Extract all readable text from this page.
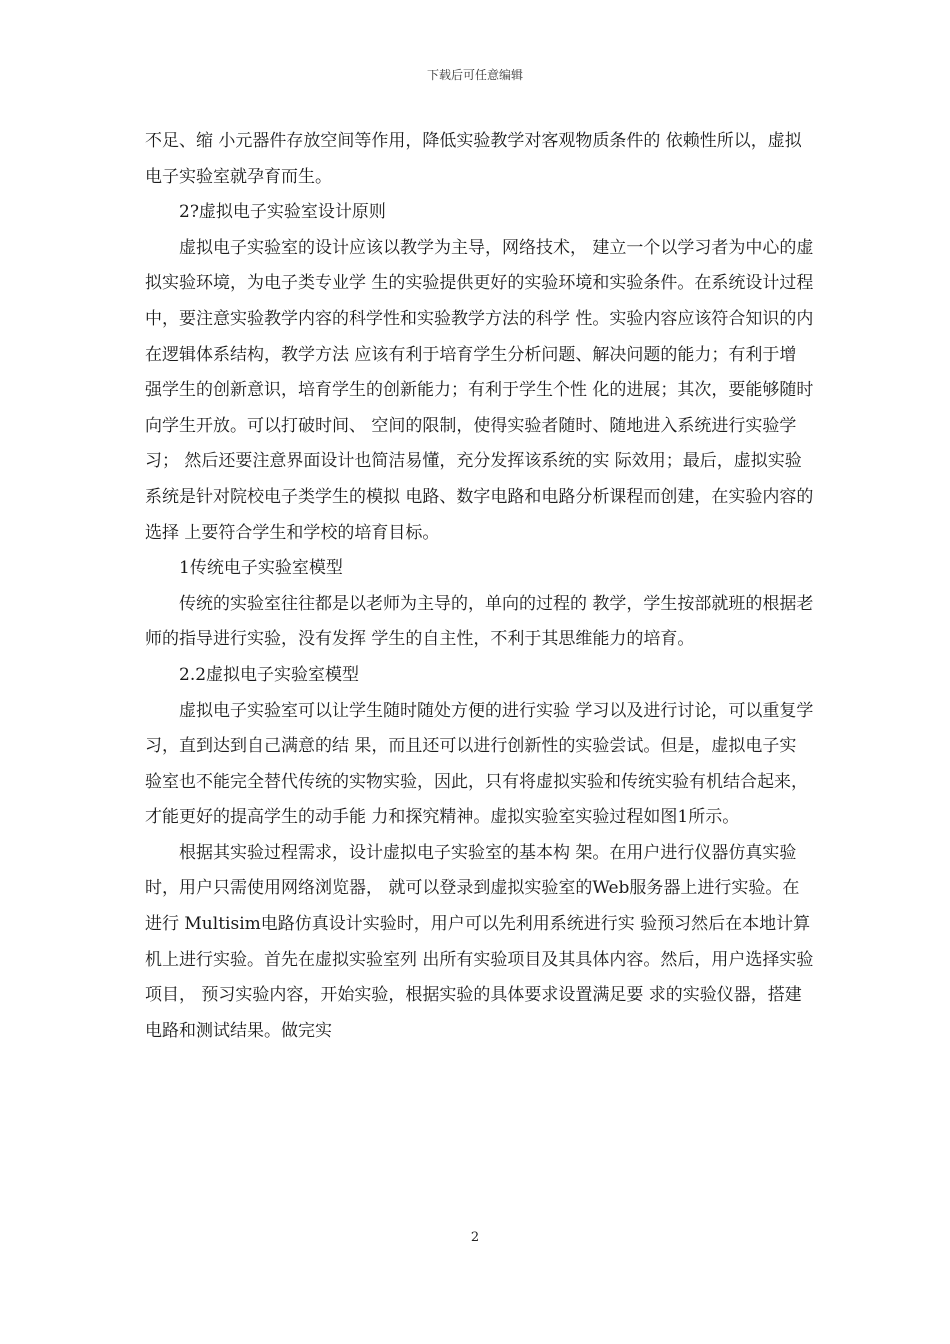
下载后可任意编辑

不足、缩 小元器件存放空间等作用，降低实验教学对客观物质条件的 依赖性所以，虚拟电子实验室就孕育而生。

2?虚拟电子实验室设计原则

虚拟电子实验室的设计应该以教学为主导，网络技术， 建立一个以学习者为中心的虚拟实验环境，为电子类专业学 生的实验提供更好的实验环境和实验条件。在系统设计过程 中，要注意实验教学内容的科学性和实验教学方法的科学 性。实验内容应该符合知识的内在逻辑体系结构，教学方法 应该有利于培育学生分析问题、解决问题的能力；有利于增 强学生的创新意识，培育学生的创新能力；有利于学生个性 化的进展；其次，要能够随时向学生开放。可以打破时间、 空间的限制，使得实验者随时、随地进入系统进行实验学习； 然后还要注意界面设计也简洁易懂，充分发挥该系统的实 际效用；最后，虚拟实验系统是针对院校电子类学生的模拟 电路、数字电路和电路分析课程而创建，在实验内容的选择 上要符合学生和学校的培育目标。

1传统电子实验室模型

传统的实验室往往都是以老师为主导的，单向的过程的 教学，学生按部就班的根据老师的指导进行实验，没有发挥 学生的自主性，不利于其思维能力的培育。

2.2虚拟电子实验室模型

虚拟电子实验室可以让学生随时随处方便的进行实验 学习以及进行讨论，可以重复学习，直到达到自己满意的结 果，而且还可以进行创新性的实验尝试。但是，虚拟电子实 验室也不能完全替代传统的实物实验，因此，只有将虚拟实验和传统实验有机结合起来，才能更好的提高学生的动手能 力和探究精神。虚拟实验室实验过程如图1所示。

根据其实验过程需求，设计虚拟电子实验室的基本构 架。在用户进行仪器仿真实验时，用户只需使用网络浏览器， 就可以登录到虚拟实验室的Web服务器上进行实验。在进行 Multisim电路仿真设计实验时，用户可以先利用系统进行实 验预习然后在本地计算机上进行实验。首先在虚拟实验室列 出所有实验项目及其具体内容。然后，用户选择实验项目， 预习实验内容，开始实验，根据实验的具体要求设置满足要 求的实验仪器，搭建电路和测试结果。做完实

2
